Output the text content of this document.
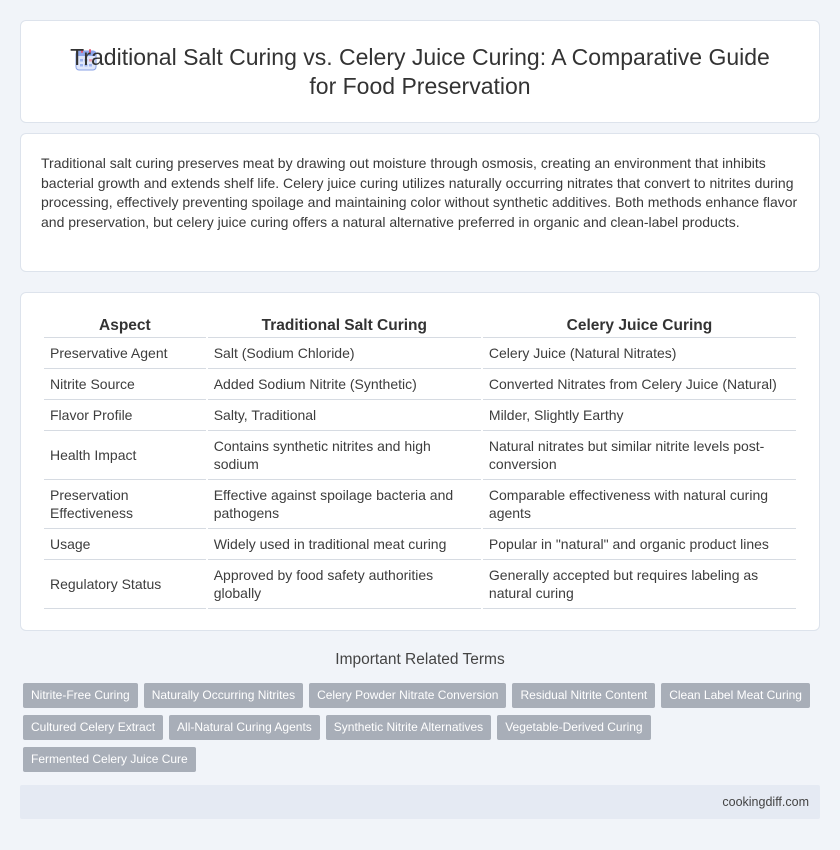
Traditional Salt Curing vs. Celery Juice Curing: A Comparative Guide for Food Preservation

Traditional salt curing preserves meat by drawing out moisture through osmosis, creating an environment that inhibits bacterial growth and extends shelf life. Celery juice curing utilizes naturally occurring nitrates that convert to nitrites during processing, effectively preventing spoilage and maintaining color without synthetic additives. Both methods enhance flavor and preservation, but celery juice curing offers a natural alternative preferred in organic and clean-label products.

Aspect	Traditional Salt Curing	Celery Juice Curing
Preservative Agent	Salt (Sodium Chloride)	Celery Juice (Natural Nitrates)
Nitrite Source	Added Sodium Nitrite (Synthetic)	Converted Nitrates from Celery Juice (Natural)
Flavor Profile	Salty, Traditional	Milder, Slightly Earthy
Health Impact	Contains synthetic nitrites and high sodium	Natural nitrates but similar nitrite levels post-conversion
Preservation Effectiveness	Effective against spoilage bacteria and pathogens	Comparable effectiveness with natural curing agents
Usage	Widely used in traditional meat curing	Popular in "natural" and organic product lines
Regulatory Status	Approved by food safety authorities globally	Generally accepted but requires labeling as natural curing
Important Related Terms
Nitrite-Free Curing	Naturally Occurring Nitrites	Celery Powder Nitrate Conversion	Residual Nitrite Content	Clean Label Meat Curing
Cultured Celery Extract	All-Natural Curing Agents	Synthetic Nitrite Alternatives	Vegetable-Derived Curing
Fermented Celery Juice Cure
cookingdiff.com
